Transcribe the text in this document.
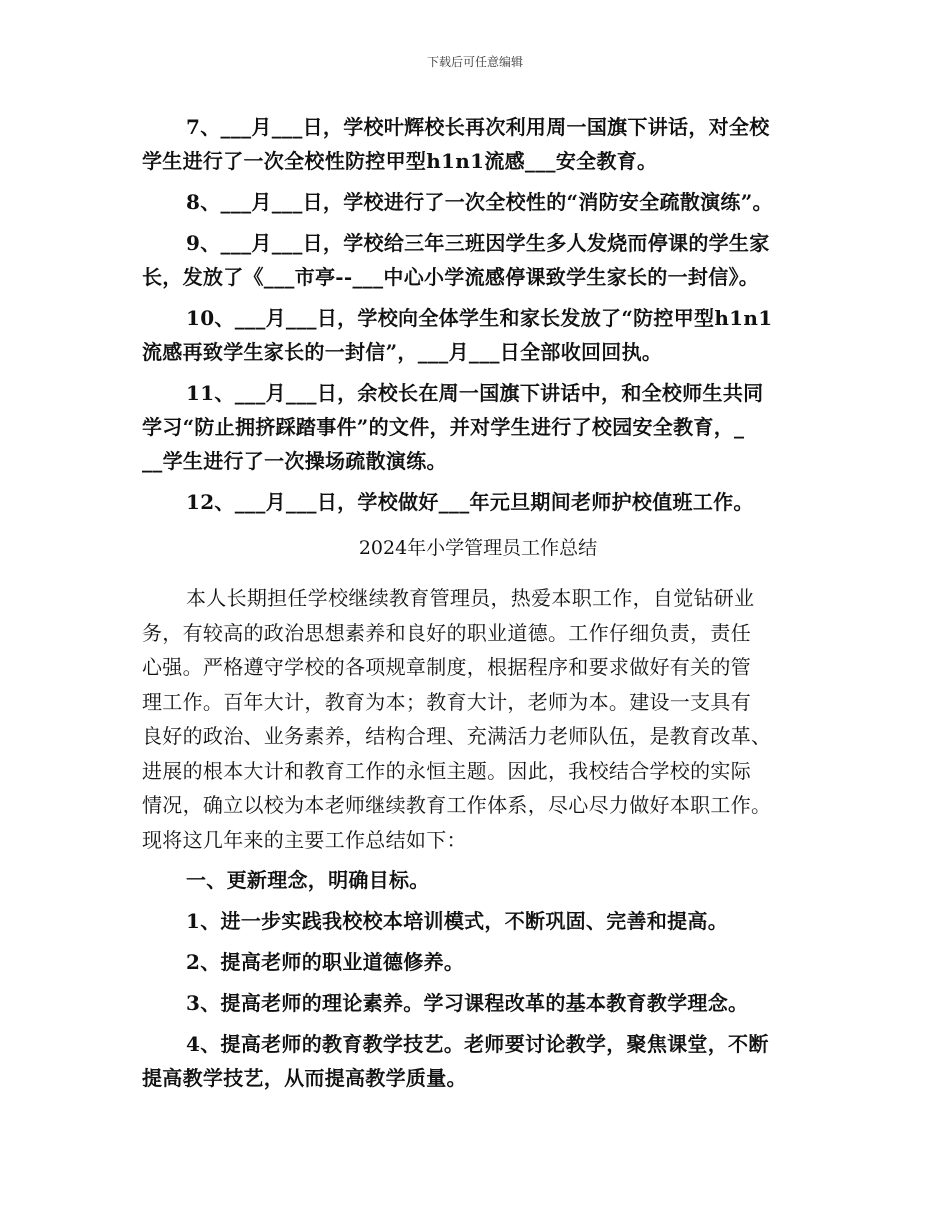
下载后可任意编辑
7、___月___日，学校叶辉校长再次利用周一国旗下讲话，对全校
学生进行了一次全校性防控甲型h1n1流感___安全教育。
8、___月___日，学校进行了一次全校性的“消防安全疏散演练”。
9、___月___日，学校给三年三班因学生多人发烧而停课的学生家
长，发放了《___市亭--___中心小学流感停课致学生家长的一封信》。
10、___月___日，学校向全体学生和家长发放了“防控甲型h1n1
流感再致学生家长的一封信”，___月___日全部收回回执。
11、___月___日，余校长在周一国旗下讲话中，和全校师生共同
学习“防止拥挤踩踏事件”的文件，并对学生进行了校园安全教育，_
__学生进行了一次操场疏散演练。
12、___月___日，学校做好___年元旦期间老师护校值班工作。
2024年小学管理员工作总结
本人长期担任学校继续教育管理员，热爱本职工作，自觉钻研业
务，有较高的政治思想素养和良好的职业道德。工作仔细负责，责任
心强。严格遵守学校的各项规章制度，根据程序和要求做好有关的管
理工作。百年大计，教育为本；教育大计，老师为本。建设一支具有
良好的政治、业务素养，结构合理、充满活力老师队伍，是教育改革、
进展的根本大计和教育工作的永恒主题。因此，我校结合学校的实际
情况，确立以校为本老师继续教育工作体系，尽心尽力做好本职工作。
现将这几年来的主要工作总结如下：
一、更新理念，明确目标。
1、进一步实践我校校本培训模式，不断巩固、完善和提高。
2、提高老师的职业道德修养。
3、提高老师的理论素养。学习课程改革的基本教育教学理念。
4、提高老师的教育教学技艺。老师要讨论教学，聚焦课堂，不断
提高教学技艺，从而提高教学质量。
